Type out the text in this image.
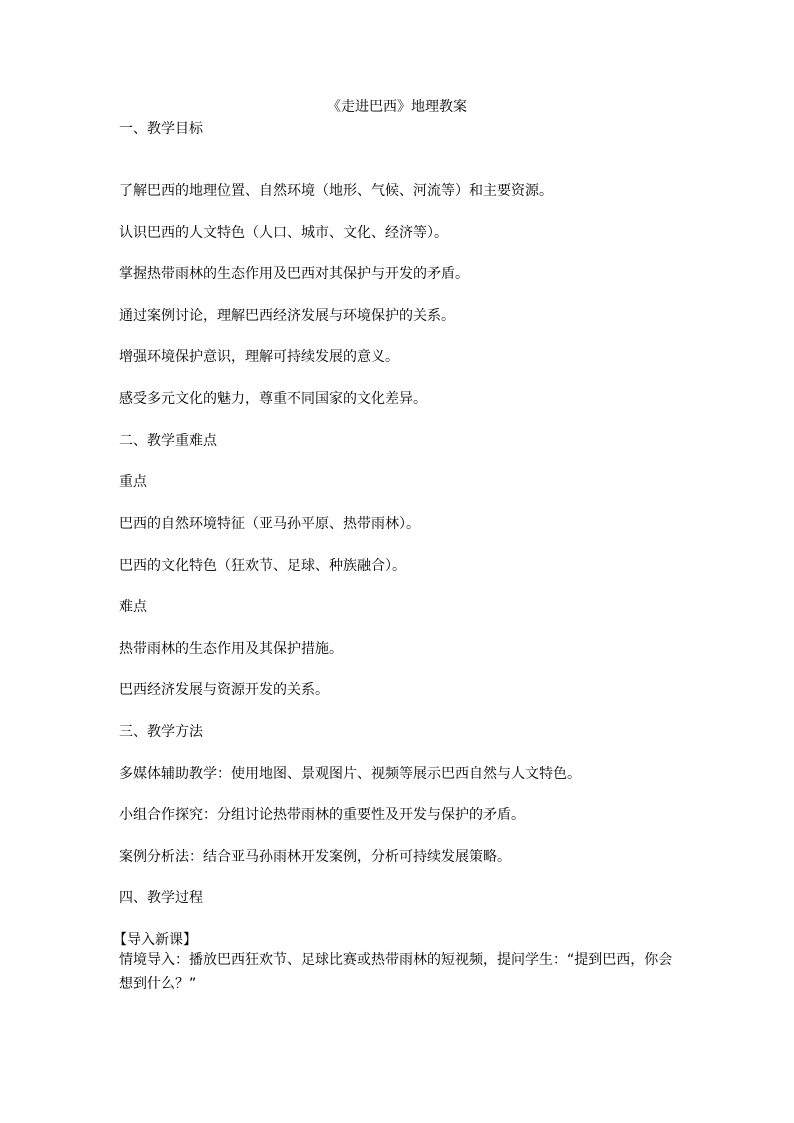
《走进巴西》地理教案
一、教学目标
了解巴西的地理位置、自然环境（地形、气候、河流等）和主要资源。
认识巴西的人文特色（人口、城市、文化、经济等）。
掌握热带雨林的生态作用及巴西对其保护与开发的矛盾。
通过案例讨论，理解巴西经济发展与环境保护的关系。
增强环境保护意识，理解可持续发展的意义。
感受多元文化的魅力，尊重不同国家的文化差异。
二、教学重难点
重点
巴西的自然环境特征（亚马孙平原、热带雨林）。
巴西的文化特色（狂欢节、足球、种族融合）。
难点
热带雨林的生态作用及其保护措施。
巴西经济发展与资源开发的关系。
三、教学方法
多媒体辅助教学：使用地图、景观图片、视频等展示巴西自然与人文特色。
小组合作探究：分组讨论热带雨林的重要性及开发与保护的矛盾。
案例分析法：结合亚马孙雨林开发案例，分析可持续发展策略。
四、教学过程
【导入新课】
情境导入：播放巴西狂欢节、足球比赛或热带雨林的短视频，提问学生：“提到巴西，你会想到什么？”
